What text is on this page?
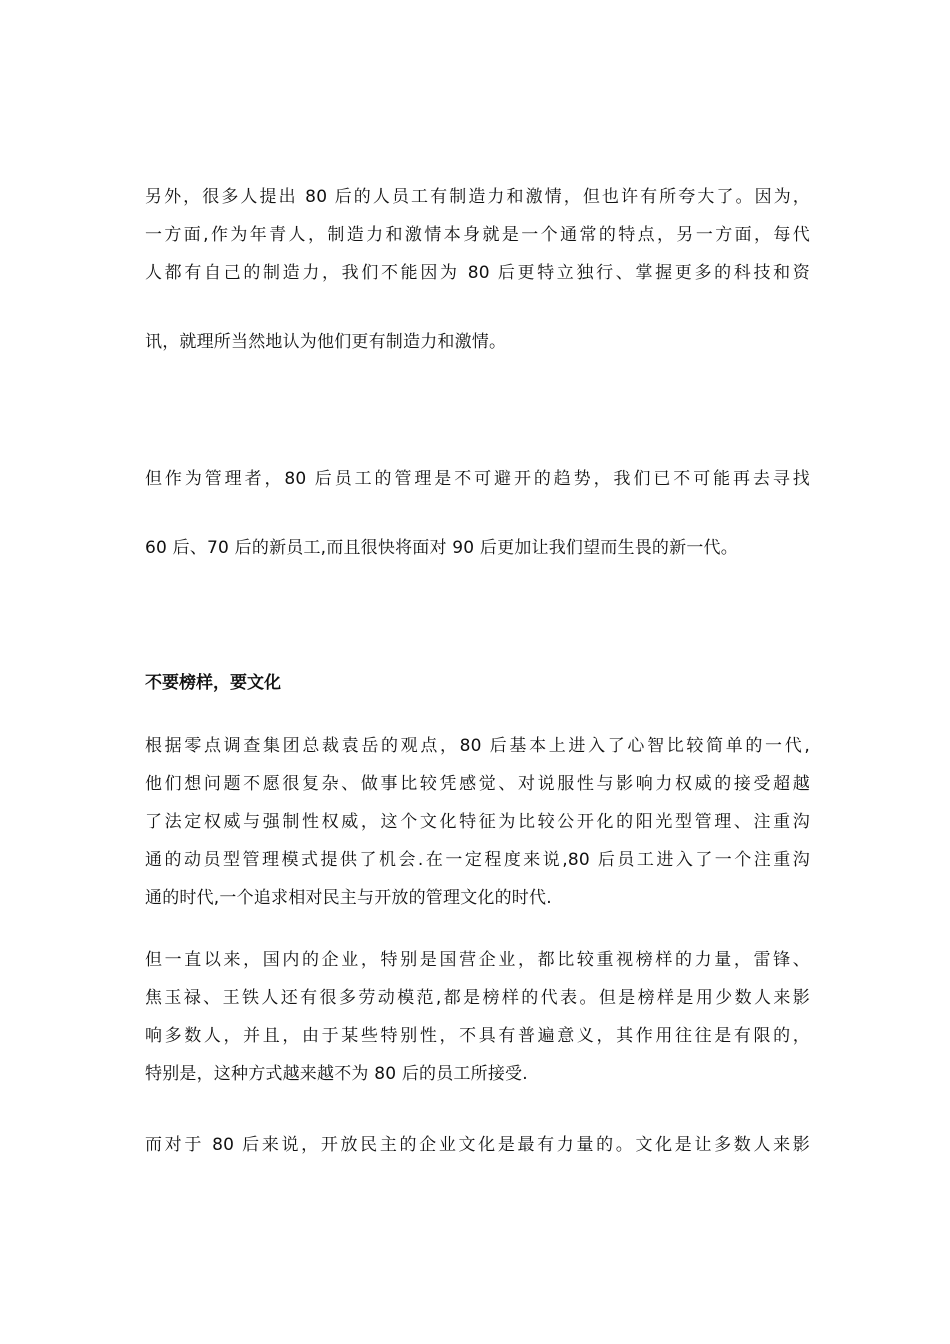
另外，很多人提出 80 后的人员工有制造力和激情，但也许有所夸大了。因为，
一方面,作为年青人，制造力和激情本身就是一个通常的特点，另一方面，每代
人都有自己的制造力，我们不能因为 80 后更特立独行、掌握更多的科技和资
讯，就理所当然地认为他们更有制造力和激情。
但作为管理者，80 后员工的管理是不可避开的趋势，我们已不可能再去寻找
60 后、70 后的新员工,而且很快将面对 90 后更加让我们望而生畏的新一代。
不要榜样，要文化
根据零点调查集团总裁袁岳的观点，80 后基本上进入了心智比较简单的一代,
他们想问题不愿很复杂、做事比较凭感觉、对说服性与影响力权威的接受超越
了法定权威与强制性权威，这个文化特征为比较公开化的阳光型管理、注重沟
通的动员型管理模式提供了机会.在一定程度来说,80 后员工进入了一个注重沟
通的时代,一个追求相对民主与开放的管理文化的时代.
但一直以来，国内的企业，特别是国营企业，都比较重视榜样的力量，雷锋、
焦玉禄、王铁人还有很多劳动模范,都是榜样的代表。但是榜样是用少数人来影
响多数人，并且，由于某些特别性，不具有普遍意义，其作用往往是有限的，
特别是，这种方式越来越不为 80 后的员工所接受.
而对于 80 后来说，开放民主的企业文化是最有力量的。文化是让多数人来影
